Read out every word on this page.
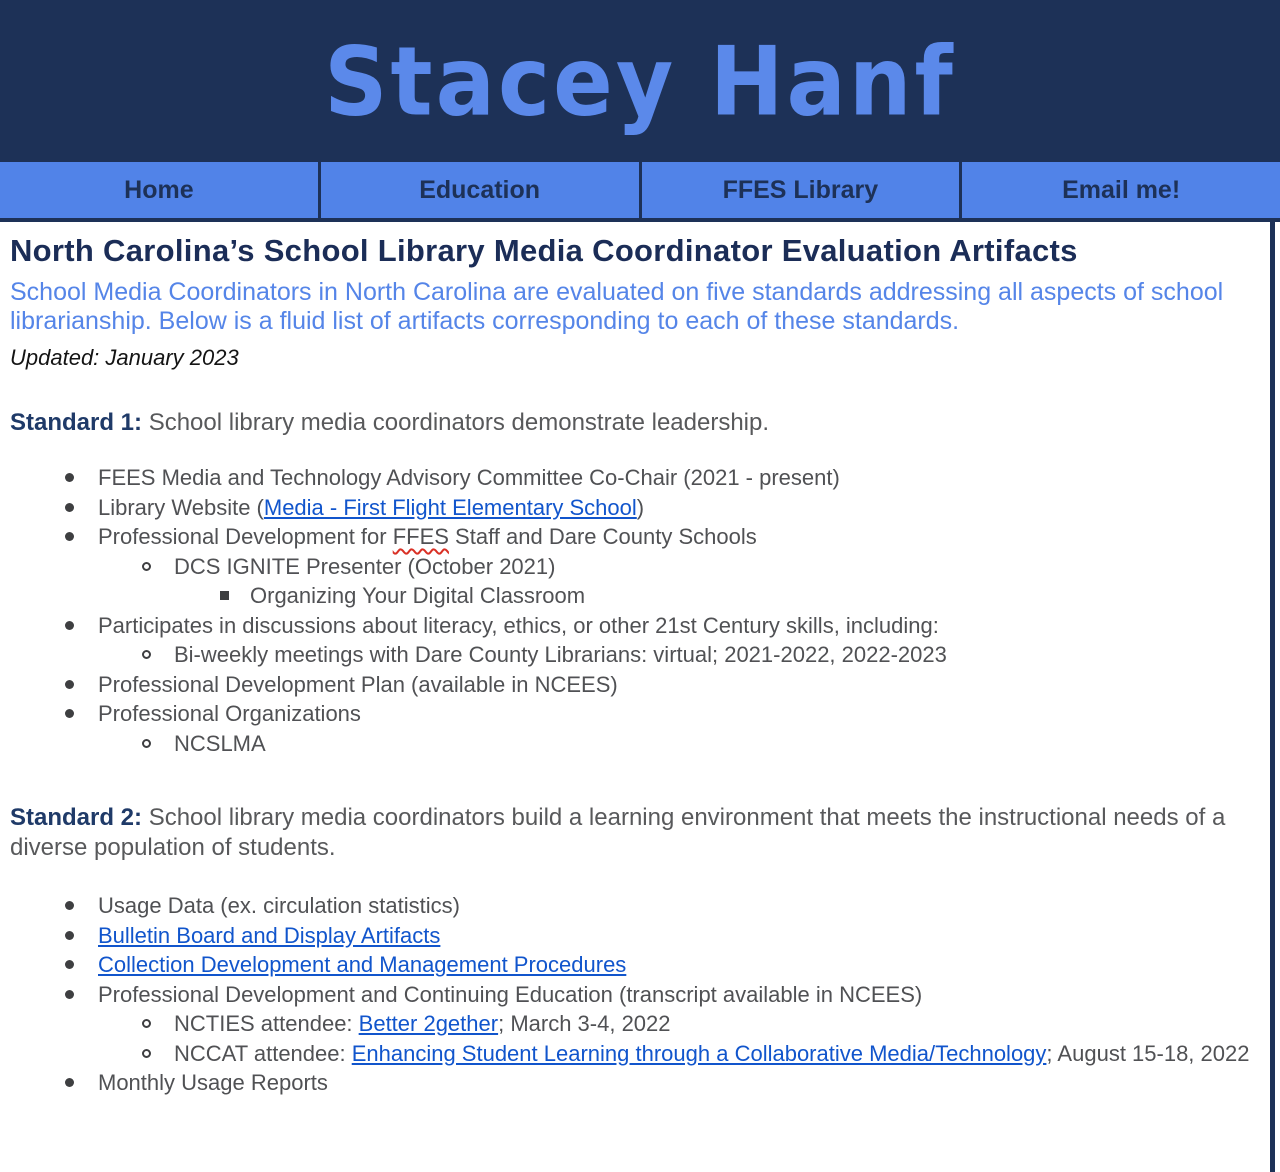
Stacey Hanf
Home	Education	FFES Library	Email me!
North Carolina’s School Library Media Coordinator Evaluation Artifacts

School Media Coordinators in North Carolina are evaluated on five standards addressing all aspects of school librarianship. Below is a fluid list of artifacts corresponding to each of these standards.

Updated: January 2023

Standard 1: School library media coordinators demonstrate leadership.

FEES Media and Technology Advisory Committee Co-Chair (2021 - present)
Library Website (Media - First Flight Elementary School)
Professional Development for FFES Staff and Dare County Schools
DCS IGNITE Presenter (October 2021)
Organizing Your Digital Classroom
Participates in discussions about literacy, ethics, or other 21st Century skills, including:
Bi-weekly meetings with Dare County Librarians: virtual; 2021-2022, 2022-2023
Professional Development Plan (available in NCEES)
Professional Organizations
NCSLMA

Standard 2: School library media coordinators build a learning environment that meets the instructional needs of a diverse population of students.

Usage Data (ex. circulation statistics)
Bulletin Board and Display Artifacts
Collection Development and Management Procedures
Professional Development and Continuing Education (transcript available in NCEES)
NCTIES attendee: Better 2gether; March 3-4, 2022
NCCAT attendee: Enhancing Student Learning through a Collaborative Media/Technology; August 15-18, 2022
Monthly Usage Reports
